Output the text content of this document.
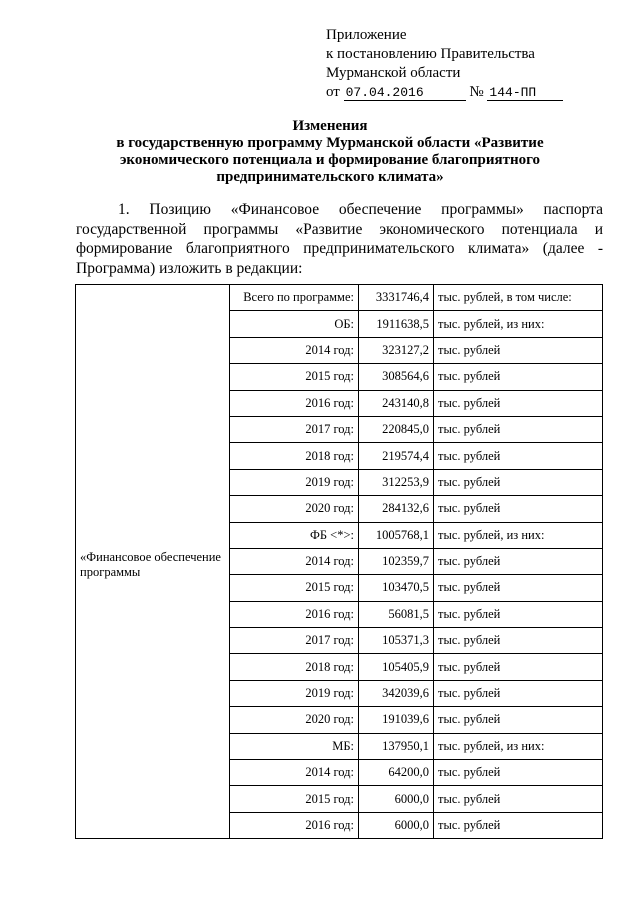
Приложение
к постановлению Правительства
Мурманской области
от 07.04.2016	№ 144-ПП
Изменения
в государственную программу Мурманской области «Развитие
экономического потенциала и формирование благоприятного
предпринимательского климата»
1. Позицию «Финансовое обеспечение программы» паспорта государственной программы «Развитие экономического потенциала и формирование благоприятного предпринимательского климата» (далее - Программа) изложить в редакции:
«Финансовое обеспечение программы	Всего по программе:	3331746,4	тыс. рублей, в том числе:
	ОБ:	1911638,5	тыс. рублей, из них:
	2014 год:	323127,2	тыс. рублей
	2015 год:	308564,6	тыс. рублей
	2016 год:	243140,8	тыс. рублей
	2017 год:	220845,0	тыс. рублей
	2018 год:	219574,4	тыс. рублей
	2019 год:	312253,9	тыс. рублей
	2020 год:	284132,6	тыс. рублей
	ФБ <*>:	1005768,1	тыс. рублей, из них:
	2014 год:	102359,7	тыс. рублей
	2015 год:	103470,5	тыс. рублей
	2016 год:	56081,5	тыс. рублей
	2017 год:	105371,3	тыс. рублей
	2018 год:	105405,9	тыс. рублей
	2019 год:	342039,6	тыс. рублей
	2020 год:	191039,6	тыс. рублей
	МБ:	137950,1	тыс. рублей, из них:
	2014 год:	64200,0	тыс. рублей
	2015 год:	6000,0	тыс. рублей
	2016 год:	6000,0	тыс. рублей
